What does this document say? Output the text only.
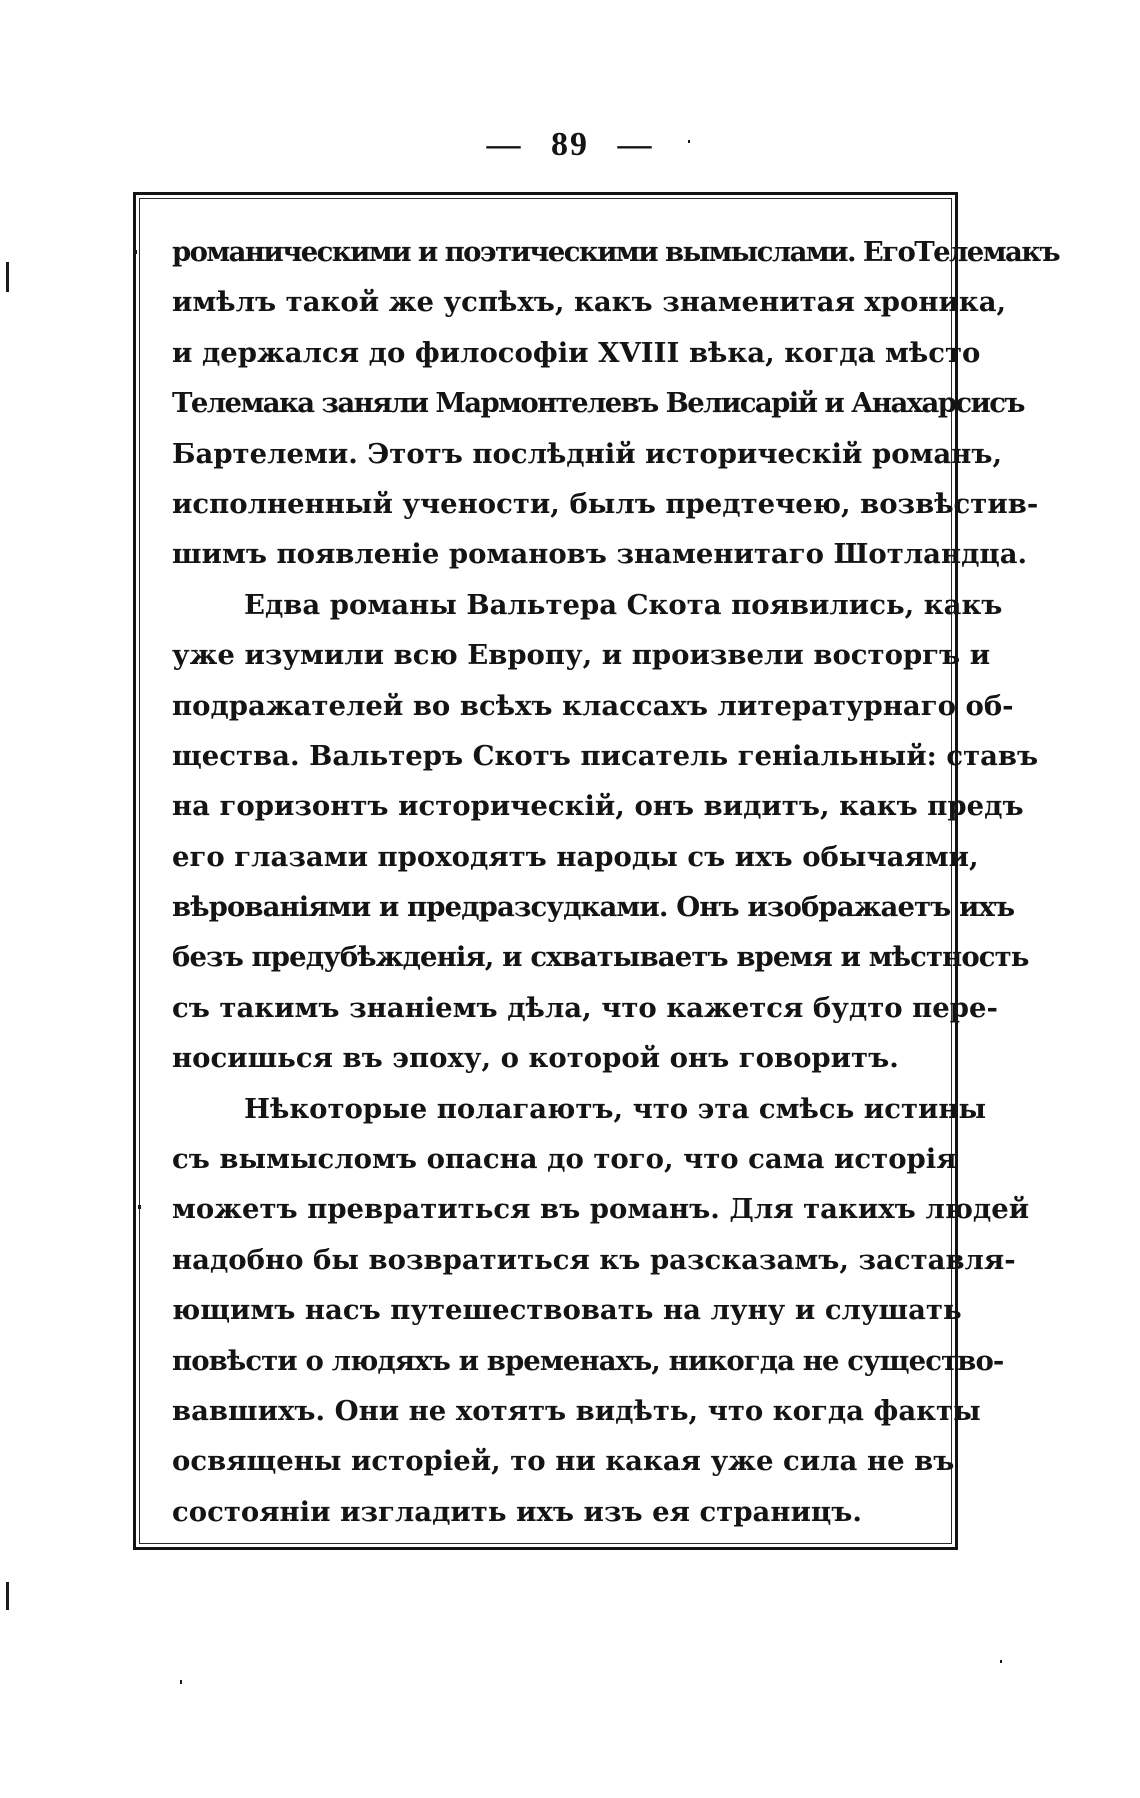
— 89 —
романическими и поэтическими вымыслами. ЕгоТелемакъ
имѣлъ такой же успѣхъ, какъ знаменитая хроника,
и держался до философіи XVIII вѣка, когда мѣсто
Телемака заняли Мармонтелевъ Велисарій и Анахарсисъ
Бартелеми. Этотъ послѣдній историческій романъ,
исполненный учености, былъ предтечею, возвѣстив-
шимъ появленіе романовъ знаменитаго Шотландца.
Едва романы Вальтера Скота появились, какъ
уже изумили всю Европу, и произвели восторгъ и
подражателей во всѣхъ классахъ литературнаго об-
щества. Вальтеръ Скотъ писатель геніальный: ставъ
на горизонтъ историческій, онъ видитъ, какъ предъ
его глазами проходятъ народы съ ихъ обычаями,
вѣрованіями и предразсудками. Онъ изображаетъ ихъ
безъ предубѣжденія, и схватываетъ время и мѣстность
съ такимъ знаніемъ дѣла, что кажется будто пере-
носишься въ эпоху, о которой онъ говоритъ.
Нѣкоторые полагаютъ, что эта смѣсь истины
съ вымысломъ опасна до того, что сама исторія
можетъ превратиться въ романъ. Для такихъ людей
надобно бы возвратиться къ разсказамъ, заставля-
ющимъ насъ путешествовать на луну и слушать
повѣсти о людяхъ и временахъ, никогда не существо-
вавшихъ. Они не хотятъ видѣть, что когда факты
освящены исторіей, то ни какая уже сила не въ
состояніи изгладить ихъ изъ ея страницъ.
